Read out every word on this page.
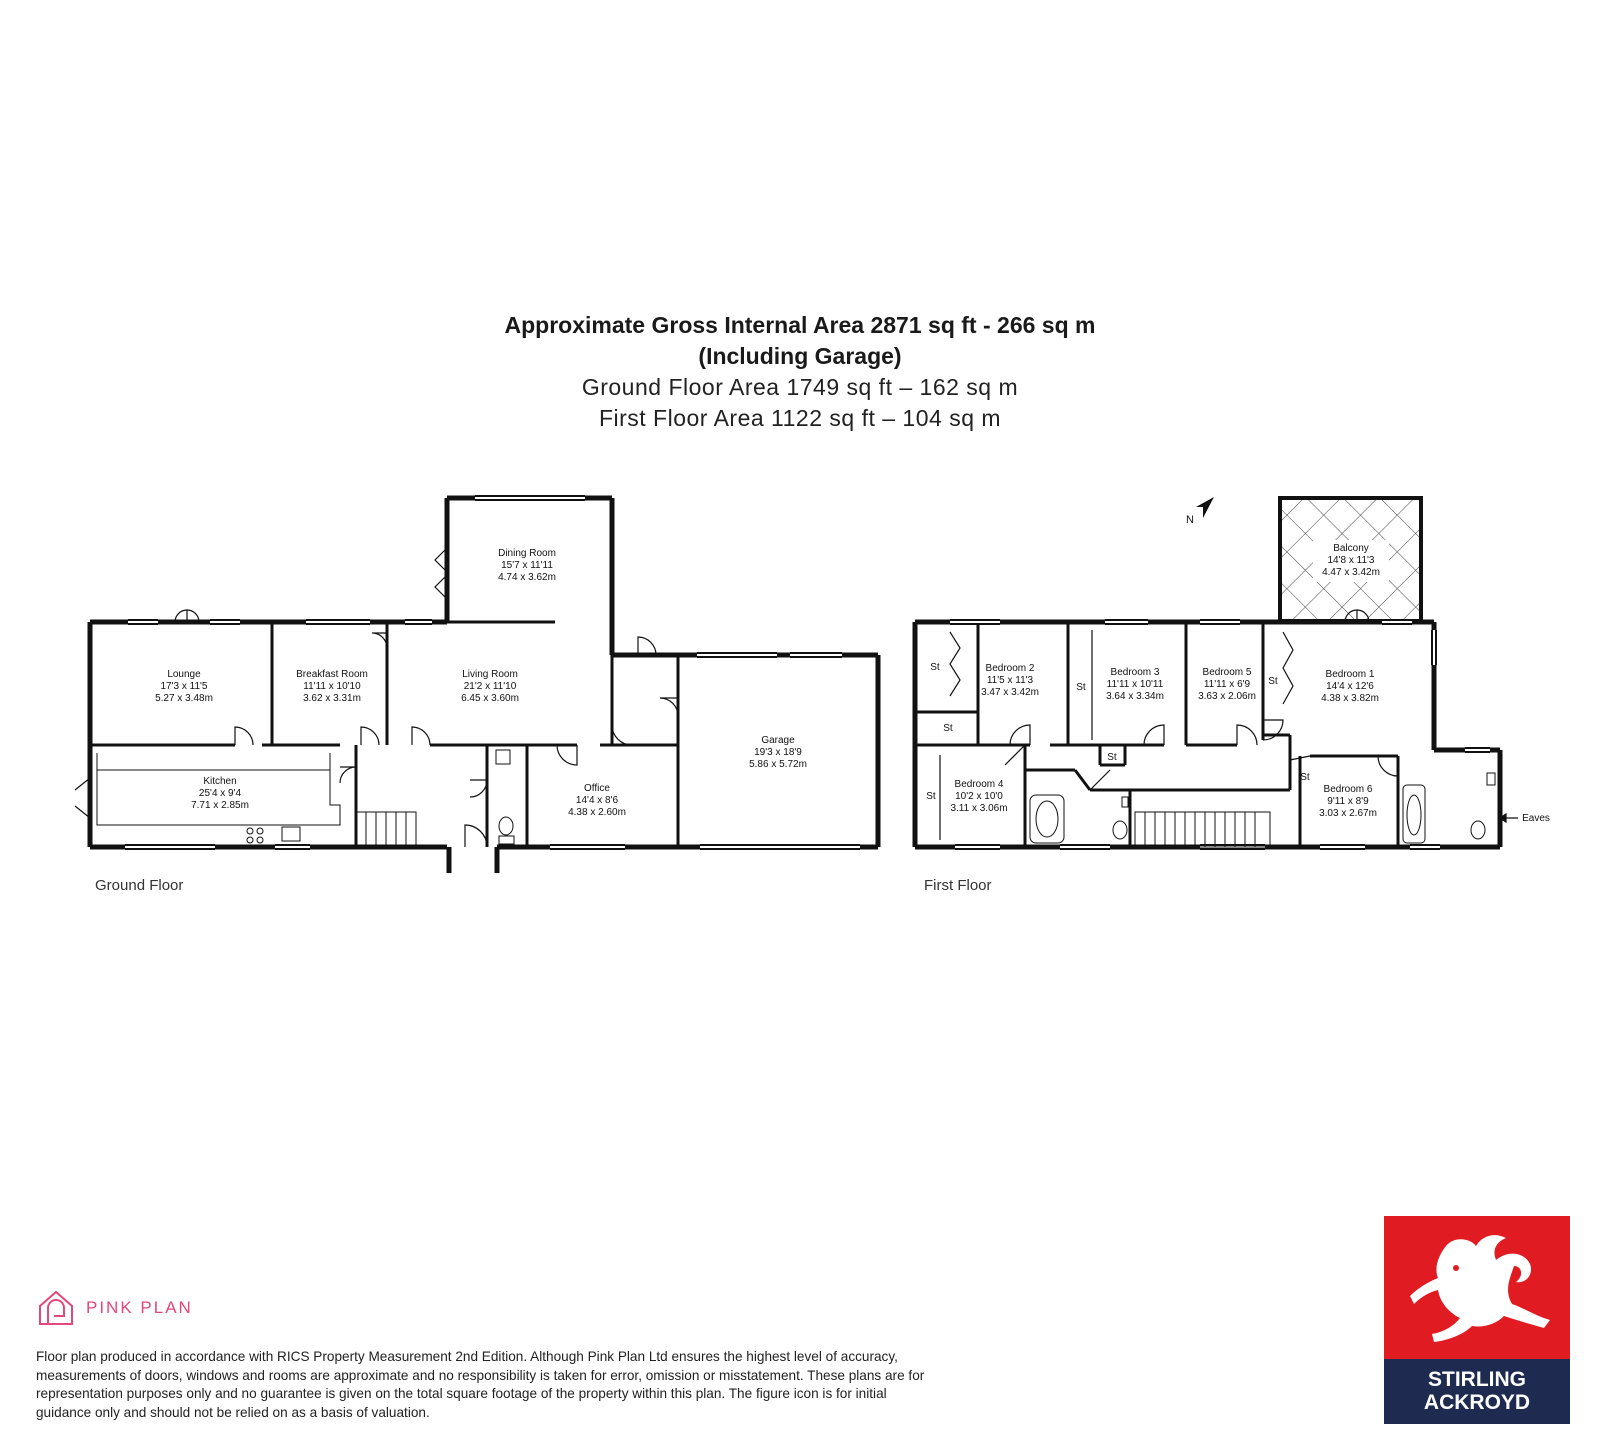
Approximate Gross Internal Area 2871 sq ft - 266 sq m
(Including Garage)
Ground Floor Area 1749 sq ft – 162 sq m
First Floor Area 1122 sq ft – 104 sq m
Lounge
17'3 x 11'5
5.27 x 3.48m
Breakfast Room
11'11 x 10'10
3.62 x 3.31m
Living Room
21'2 x 11'10
6.45 x 3.60m
Dining Room
15'7 x 11'11
4.74 x 3.62m
Kitchen
25'4 x 9'4
7.71 x 2.85m
Office
14'4 x 8'6
4.38 x 2.60m
Garage
19'3 x 18'9
5.86 x 5.72m
Bedroom 2
11'5 x 11'3
3.47 x 3.42m
Bedroom 3
11'11 x 10'11
3.64 x 3.34m
Bedroom 5
11'11 x 6'9
3.63 x 2.06m
Bedroom 1
14'4 x 12'6
4.38 x 3.82m
Bedroom 4
10'2 x 10'0
3.11 x 3.06m
Bedroom 6
9'11 x 8'9
3.03 x 2.67m
Balcony
14'8 x 11'3
4.47 x 3.42m
St
St
St
St
St
St
St
Eaves
N
Ground Floor	First Floor
PINK PLAN
Floor plan produced in accordance with RICS Property Measurement 2nd Edition. Although Pink Plan Ltd ensures the highest level of accuracy, measurements of doors, windows and rooms are approximate and no responsibility is taken for error, omission or misstatement. These plans are for representation purposes only and no guarantee is given on the total square footage of the property within this plan. The figure icon is for initial guidance only and should not be relied on as a basis of valuation.
STIRLING
ACKROYD
